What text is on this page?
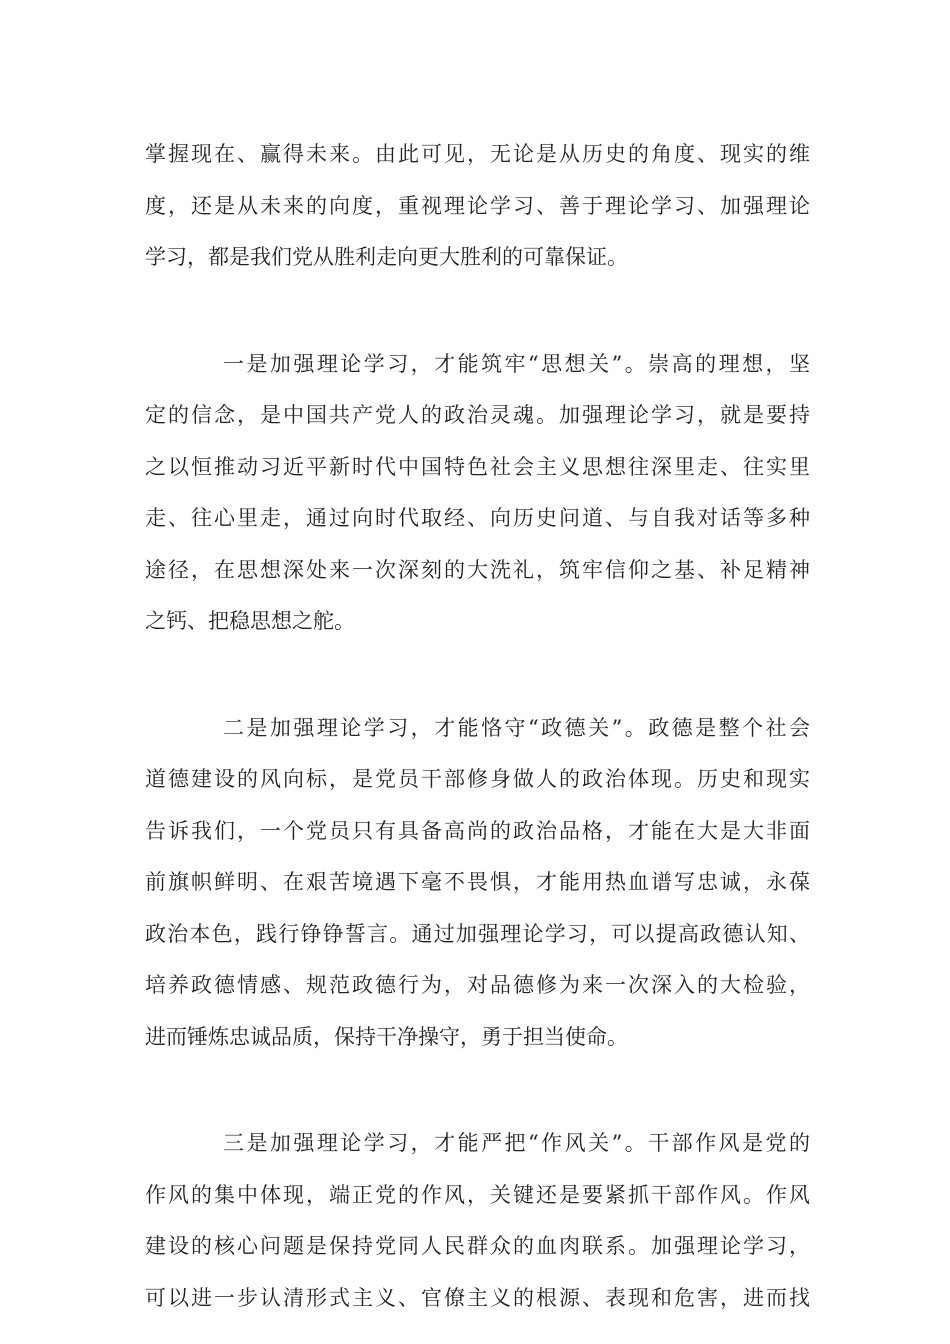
掌握现在、赢得未来。由此可见，无论是从历史的角度、现实的维
度，还是从未来的向度，重视理论学习、善于理论学习、加强理论
学习，都是我们党从胜利走向更大胜利的可靠保证。
一是加强理论学习，才能筑牢“思想关”。崇高的理想，坚
定的信念，是中国共产党人的政治灵魂。加强理论学习，就是要持
之以恒推动习近平新时代中国特色社会主义思想往深里走、往实里
走、往心里走，通过向时代取经、向历史问道、与自我对话等多种
途径，在思想深处来一次深刻的大洗礼，筑牢信仰之基、补足精神
之钙、把稳思想之舵。
二是加强理论学习，才能恪守“政德关”。政德是整个社会
道德建设的风向标，是党员干部修身做人的政治体现。历史和现实
告诉我们，一个党员只有具备高尚的政治品格，才能在大是大非面
前旗帜鲜明、在艰苦境遇下毫不畏惧，才能用热血谱写忠诚，永葆
政治本色，践行铮铮誓言。通过加强理论学习，可以提高政德认知、
培养政德情感、规范政德行为，对品德修为来一次深入的大检验，
进而锤炼忠诚品质，保持干净操守，勇于担当使命。
三是加强理论学习，才能严把“作风关”。干部作风是党的
作风的集中体现，端正党的作风，关键还是要紧抓干部作风。作风
建设的核心问题是保持党同人民群众的血肉联系。加强理论学习，
可以进一步认清形式主义、官僚主义的根源、表现和危害，进而找
